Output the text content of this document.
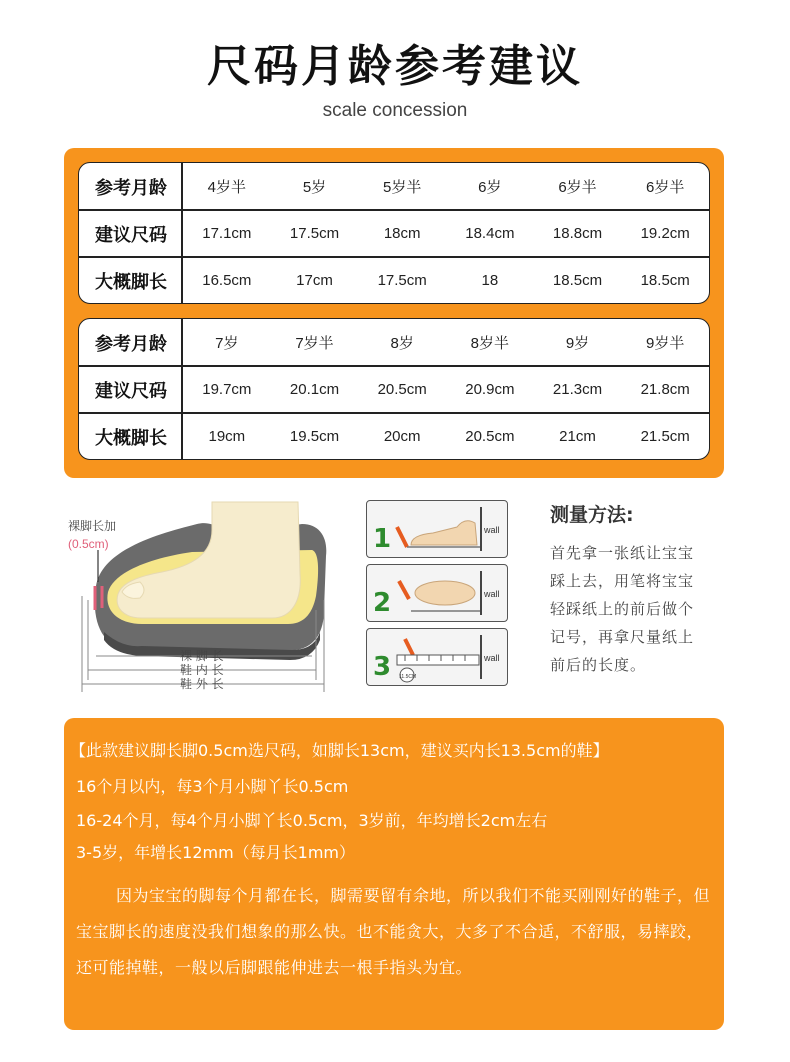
尺码月龄参考建议
scale concession
参考月龄	4岁半	5岁	5岁半	6岁	6岁半	6岁半
建议尺码	17.1cm	17.5cm	18cm	18.4cm	18.8cm	19.2cm
大概脚长	16.5cm	17cm	17.5cm	18	18.5cm	18.5cm
参考月龄	7岁	7岁半	8岁	8岁半	9岁	9岁半
建议尺码	19.7cm	20.1cm	20.5cm	20.9cm	21.3cm	21.8cm
大概脚长	19cm	19.5cm	20cm	20.5cm	21cm	21.5cm
裸脚长加
(0.5cm)
裸 脚 长
鞋 内 长
鞋 外 长
1	wall
2	wall
3 11.5CM
wall
测量方法:
首先拿一张纸让宝宝
踩上去，用笔将宝宝
轻踩纸上的前后做个
记号，再拿尺量纸上
前后的长度。
【此款建议脚长脚0.5cm选尺码，如脚长13cm，建议买内长13.5cm的鞋】
16个月以内，每3个月小脚丫长0.5cm
16-24个月，每4个月小脚丫长0.5cm，3岁前，年均增长2cm左右
3-5岁，年增长12mm（每月长1mm）
因为宝宝的脚每个月都在长，脚需要留有余地，所以我们不能买刚刚好的鞋子，但宝宝脚长的速度没我们想象的那么快。也不能贪大，大多了不合适，不舒服，易摔跤，还可能掉鞋，一般以后脚跟能伸进去一根手指头为宜。
